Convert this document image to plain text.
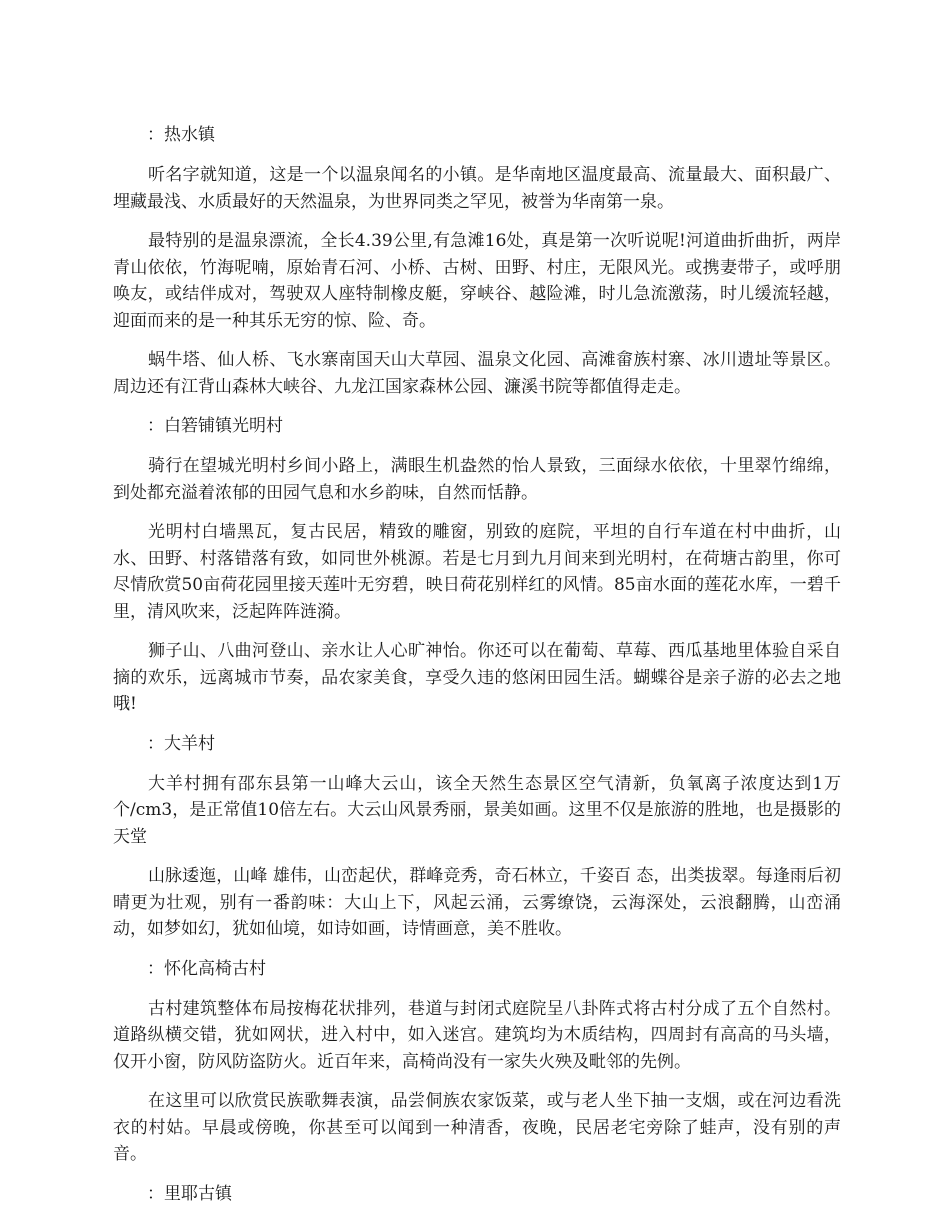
：热水镇

听名字就知道，这是一个以温泉闻名的小镇。是华南地区温度最高、流量最大、面积最广、埋藏最浅、水质最好的天然温泉，为世界同类之罕见，被誉为华南第一泉。

最特别的是温泉漂流，全长4.39公里,有急滩16处，真是第一次听说呢!河道曲折曲折，两岸青山依依，竹海呢喃，原始青石河、小桥、古树、田野、村庄，无限风光。或携妻带子，或呼朋唤友，或结伴成对，驾驶双人座特制橡皮艇，穿峡谷、越险滩，时儿急流激荡，时儿缓流轻越，迎面而来的是一种其乐无穷的惊、险、奇。

蜗牛塔、仙人桥、飞水寨南国天山大草园、温泉文化园、高滩畲族村寨、冰川遗址等景区。周边还有江背山森林大峡谷、九龙江国家森林公园、濂溪书院等都值得走走。

：白箬铺镇光明村

骑行在望城光明村乡间小路上，满眼生机盎然的怡人景致，三面绿水依依，十里翠竹绵绵，到处都充溢着浓郁的田园气息和水乡韵味，自然而恬静。

光明村白墙黑瓦，复古民居，精致的雕窗，别致的庭院，平坦的自行车道在村中曲折，山水、田野、村落错落有致，如同世外桃源。若是七月到九月间来到光明村，在荷塘古韵里，你可尽情欣赏50亩荷花园里接天莲叶无穷碧，映日荷花别样红的风情。85亩水面的莲花水库，一碧千里，清风吹来，泛起阵阵涟漪。

狮子山、八曲河登山、亲水让人心旷神怡。你还可以在葡萄、草莓、西瓜基地里体验自采自摘的欢乐，远离城市节奏，品农家美食，享受久违的悠闲田园生活。蝴蝶谷是亲子游的必去之地哦!

：大羊村

大羊村拥有邵东县第一山峰大云山，该全天然生态景区空气清新，负氧离子浓度达到1万个/cm3，是正常值10倍左右。大云山风景秀丽，景美如画。这里不仅是旅游的胜地，也是摄影的天堂

山脉逶迤，山峰 雄伟，山峦起伏，群峰竞秀，奇石林立，千姿百 态，出类拔翠。每逢雨后初晴更为壮观，别有一番韵味：大山上下，风起云涌，云雾缭饶，云海深处，云浪翻腾，山峦涌动，如梦如幻，犹如仙境，如诗如画，诗情画意，美不胜收。

：怀化高椅古村

古村建筑整体布局按梅花状排列，巷道与封闭式庭院呈八卦阵式将古村分成了五个自然村。道路纵横交错，犹如网状，进入村中，如入迷宫。建筑均为木质结构，四周封有高高的马头墙，仅开小窗，防风防盗防火。近百年来，高椅尚没有一家失火殃及毗邻的先例。

在这里可以欣赏民族歌舞表演，品尝侗族农家饭菜，或与老人坐下抽一支烟，或在河边看洗衣的村姑。早晨或傍晚，你甚至可以闻到一种清香，夜晚，民居老宅旁除了蛙声，没有别的声音。

：里耶古镇
